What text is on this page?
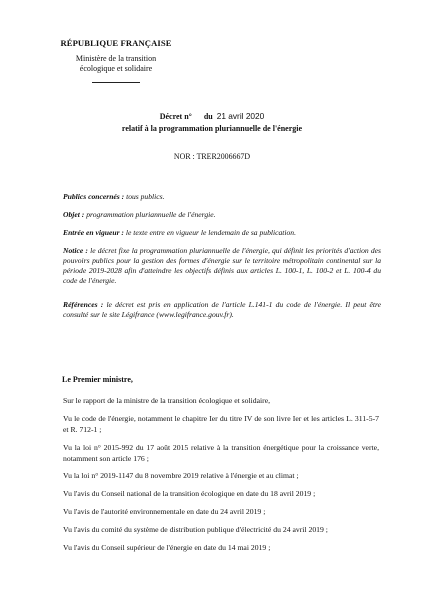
RÉPUBLIQUE FRANÇAISE
Ministère de la transition
écologique et solidaire
Décret n° du 21 avril 2020
relatif à la programmation pluriannuelle de l'énergie
NOR : TRER2006667D
Publics concernés : tous publics.
Objet : programmation pluriannuelle de l'énergie.
Entrée en vigueur : le texte entre en vigueur le lendemain de sa publication.
Notice : le décret fixe la programmation pluriannuelle de l'énergie, qui définit les priorités d'action des pouvoirs publics pour la gestion des formes d'énergie sur le territoire métropolitain continental sur la période 2019-2028 afin d'atteindre les objectifs définis aux articles L. 100-1, L. 100-2 et L. 100-4 du code de l'énergie.
Références : le décret est pris en application de l'article L.141-1 du code de l'énergie. Il peut être consulté sur le site Légifrance (www.legifrance.gouv.fr).
Le Premier ministre,
Sur le rapport de la ministre de la transition écologique et solidaire,
Vu le code de l'énergie, notamment le chapitre Ier du titre IV de son livre Ier et les articles L. 311-5-7 et R. 712-1 ;
Vu la loi n° 2015-992 du 17 août 2015 relative à la transition énergétique pour la croissance verte, notamment son article 176 ;
Vu la loi n° 2019-1147 du 8 novembre 2019 relative à l'énergie et au climat ;
Vu l'avis du Conseil national de la transition écologique en date du 18 avril 2019 ;
Vu l'avis de l'autorité environnementale en date du 24 avril 2019 ;
Vu l'avis du comité du système de distribution publique d'électricité du 24 avril 2019 ;
Vu l'avis du Conseil supérieur de l'énergie en date du 14 mai 2019 ;
